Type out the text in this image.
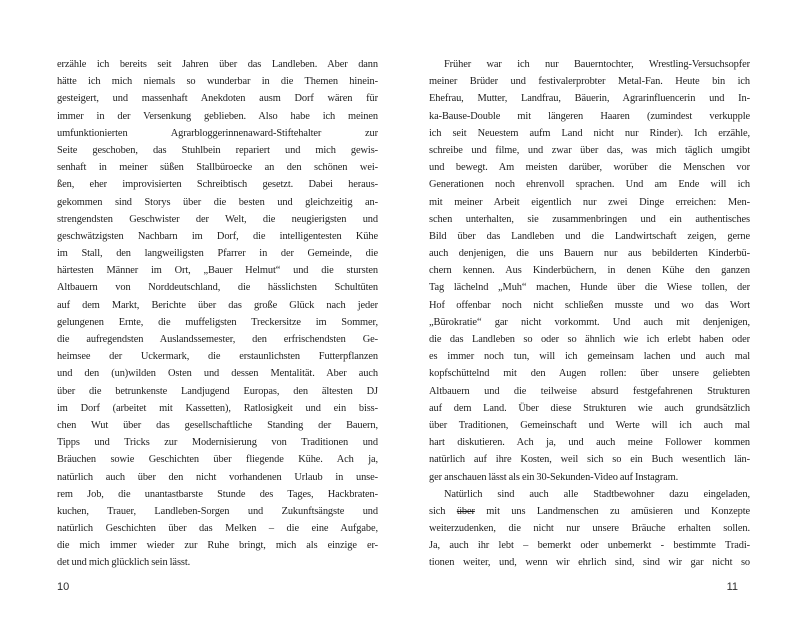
erzähle ich bereits seit Jahren über das Landleben. Aber dann
hätte ich mich niemals so wunderbar in die Themen hinein-
gesteigert, und massenhaft Anekdoten ausm Dorf wären für
immer in der Versenkung geblieben. Also habe ich meinen
umfunktionierten Agrarbloggerinnenaward-Stiftehalter zur
Seite geschoben, das Stuhlbein repariert und mich gewis-
senhaft in meiner süßen Stallbüroecke an den schönen wei-
ßen, eher improvisierten Schreibtisch gesetzt. Dabei heraus-
gekommen sind Storys über die besten und gleichzeitig an-
strengendsten Geschwister der Welt, die neugierigsten und
geschwätzigsten Nachbarn im Dorf, die intelligentesten Kühe
im Stall, den langweiligsten Pfarrer in der Gemeinde, die
härtesten Männer im Ort, „Bauer Helmut“ und die stursten
Altbauern von Norddeutschland, die hässlichsten Schultüten
auf dem Markt, Berichte über das große Glück nach jeder
gelungenen Ernte, die muffeligsten Treckersitze im Sommer,
die aufregendsten Auslandssemester, den erfrischendsten Ge-
heimsee der Uckermark, die erstaunlichsten Futterpflanzen
und den (un)wilden Osten und dessen Mentalität. Aber auch
über die betrunkenste Landjugend Europas, den ältesten DJ
im Dorf (arbeitet mit Kassetten), Ratlosigkeit und ein biss-
chen Wut über das gesellschaftliche Standing der Bauern,
Tipps und Tricks zur Modernisierung von Traditionen und
Bräuchen sowie Geschichten über fliegende Kühe. Ach ja,
natürlich auch über den nicht vorhandenen Urlaub in unse-
rem Job, die unantastbarste Stunde des Tages, Hackbraten-
kuchen, Trauer, Landleben-Sorgen und Zukunftsängste und
natürlich Geschichten über das Melken – die eine Aufgabe,
die mich immer wieder zur Ruhe bringt, mich als einzige er-
det und mich glücklich sein lässt.
Früher war ich nur Bauerntochter, Wrestling-Versuchsopfer
meiner Brüder und festivalerprobter Metal-Fan. Heute bin ich
Ehefrau, Mutter, Landfrau, Bäuerin, Agrarinfluencerin und In-
ka-Bause-Double mit längeren Haaren (zumindest verkupple
ich seit Neuestem aufm Land nicht nur Rinder). Ich erzähle,
schreibe und filme, und zwar über das, was mich täglich umgibt
und bewegt. Am meisten darüber, worüber die Menschen vor
Generationen noch ehrenvoll sprachen. Und am Ende will ich
mit meiner Arbeit eigentlich nur zwei Dinge erreichen: Men-
schen unterhalten, sie zusammenbringen und ein authentisches
Bild über das Landleben und die Landwirtschaft zeigen, gerne
auch denjenigen, die uns Bauern nur aus bebilderten Kinderbü-
chern kennen. Aus Kinderbüchern, in denen Kühe den ganzen
Tag lächelnd „Muh“ machen, Hunde über die Wiese tollen, der
Hof offenbar noch nicht schließen musste und wo das Wort
„Bürokratie“ gar nicht vorkommt. Und auch mit denjenigen,
die das Landleben so oder so ähnlich wie ich erlebt haben oder
es immer noch tun, will ich gemeinsam lachen und auch mal
kopfschüttelnd mit den Augen rollen: über unsere geliebten
Altbauern und die teilweise absurd festgefahrenen Strukturen
auf dem Land. Über diese Strukturen wie auch grundsätzlich
über Traditionen, Gemeinschaft und Werte will ich auch mal
hart diskutieren. Ach ja, und auch meine Follower kommen
natürlich auf ihre Kosten, weil sich so ein Buch wesentlich län-
ger anschauen lässt als ein 30-Sekunden-Video auf Instagram.
Natürlich sind auch alle Stadtbewohner dazu eingeladen,
sich über mit uns Landmenschen zu amüsieren und Konzepte
weiterzudenken, die nicht nur unsere Bräuche erhalten sollen.
Ja, auch ihr lebt – bemerkt oder unbemerkt - bestimmte Tradi-
tionen weiter, und, wenn wir ehrlich sind, sind wir gar nicht so
10	11
